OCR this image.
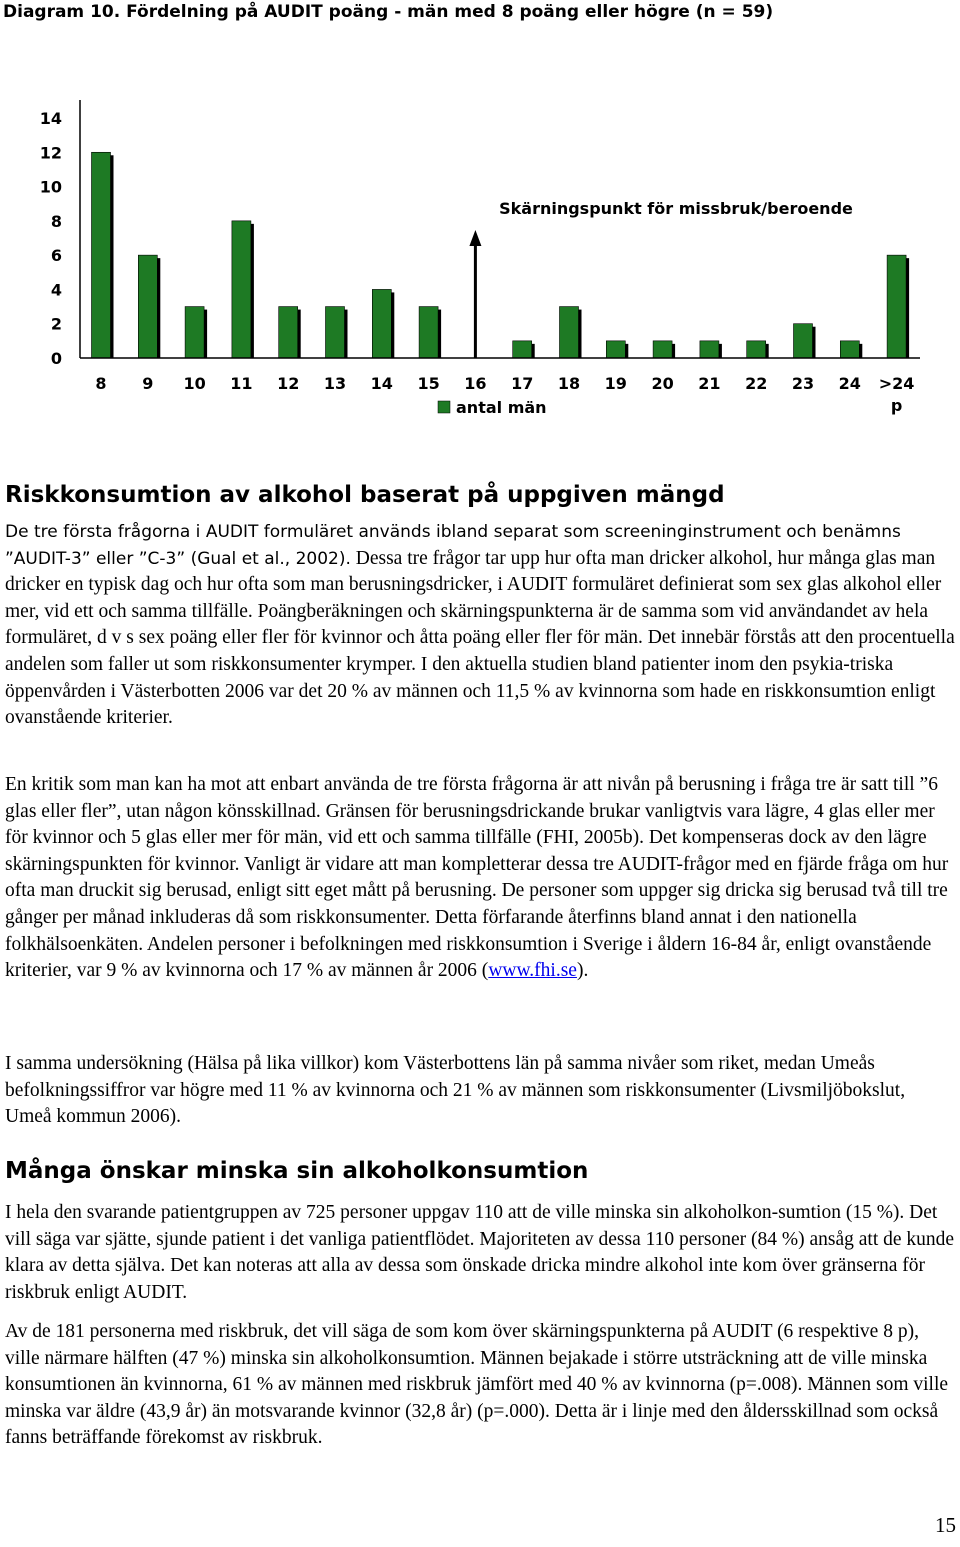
Diagram 10. Fördelning på AUDIT poäng - män med 8 poäng eller högre (n = 59)
0
2
4
6
8
10
12
14
8 9 10 11 12 13 14 15 16 17 18 19 20 21 22 23 24 >24
p
Skärningspunkt för missbruk/beroende
antal män
Riskkonsumtion av alkohol baserat på uppgiven mängd

De tre första frågorna i AUDIT formuläret används ibland separat som screeninginstrument och benämns ”AUDIT-3” eller ”C-3” (Gual et al., 2002). Dessa tre frågor tar upp hur ofta man dricker alkohol, hur många glas man dricker en typisk dag och hur ofta som man berusningsdricker, i AUDIT formuläret definierat som sex glas alkohol eller mer, vid ett och samma tillfälle. Poängberäkningen och skärningspunkterna är de samma som vid användandet av hela formuläret, d v s sex poäng eller fler för kvinnor och åtta poäng eller fler för män. Det innebär förstås att den procentuella andelen som faller ut som riskkonsumenter krymper. I den aktuella studien bland patienter inom den psykia-triska öppenvården i Västerbotten 2006 var det 20 % av männen och 11,5 % av kvinnorna som hade en riskkonsumtion enligt ovanstående kriterier.

En kritik som man kan ha mot att enbart använda de tre första frågorna är att nivån på berusning i fråga tre är satt till ”6 glas eller fler”, utan någon könsskillnad. Gränsen för berusningsdrickande brukar vanligtvis vara lägre, 4 glas eller mer för kvinnor och 5 glas eller mer för män, vid ett och samma tillfälle (FHI, 2005b). Det kompenseras dock av den lägre skärningspunkten för kvinnor. Vanligt är vidare att man kompletterar dessa tre AUDIT-frågor med en fjärde fråga om hur ofta man druckit sig berusad, enligt sitt eget mått på berusning. De personer som uppger sig dricka sig berusad två till tre gånger per månad inkluderas då som riskkonsumenter. Detta förfarande återfinns bland annat i den nationella folkhälsoenkäten. Andelen personer i befolkningen med riskkonsumtion i Sverige i åldern 16-84 år, enligt ovanstående kriterier, var 9 % av kvinnorna och 17 % av männen år 2006 (www.fhi.se).

I samma undersökning (Hälsa på lika villkor) kom Västerbottens län på samma nivåer som riket, medan Umeås befolkningssiffror var högre med 11 % av kvinnorna och 21 % av männen som riskkonsumenter (Livsmiljöbokslut, Umeå kommun 2006).

Många önskar minska sin alkoholkonsumtion

I hela den svarande patientgruppen av 725 personer uppgav 110 att de ville minska sin alkoholkon-sumtion (15 %). Det vill säga var sjätte, sjunde patient i det vanliga patientflödet. Majoriteten av dessa 110 personer (84 %) ansåg att de kunde klara av detta själva. Det kan noteras att alla av dessa som önskade dricka mindre alkohol inte kom över gränserna för riskbruk enligt AUDIT.

Av de 181 personerna med riskbruk, det vill säga de som kom över skärningspunkterna på AUDIT (6 respektive 8 p), ville närmare hälften (47 %) minska sin alkoholkonsumtion. Männen bejakade i större utsträckning att de ville minska konsumtionen än kvinnorna, 61 % av männen med riskbruk jämfört med 40 % av kvinnorna (p=.008). Männen som ville minska var äldre (43,9 år) än motsvarande kvinnor (32,8 år) (p=.000). Detta är i linje med den åldersskillnad som också fanns beträffande förekomst av riskbruk.

15
